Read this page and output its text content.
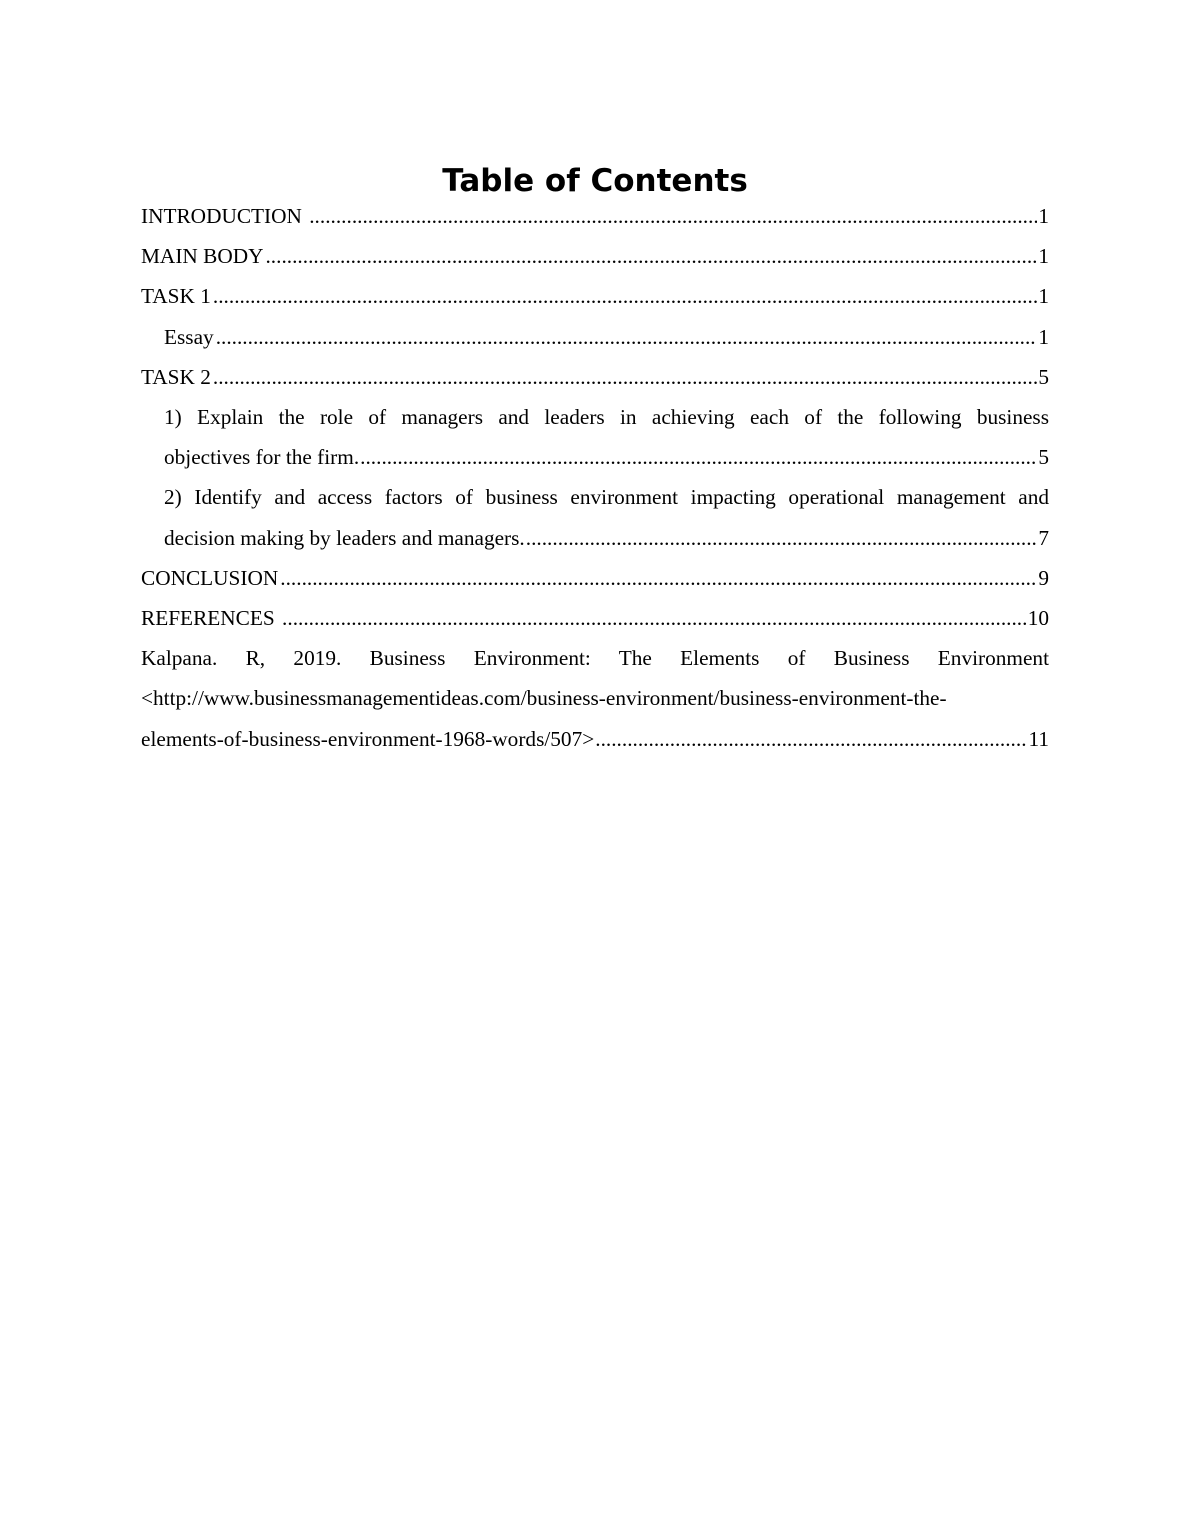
Table of Contents
1
INTRODUCTION .....
1
MAIN BODY .....
1
TASK 1 .....
1
Essay .....
5
TASK 2 .....
1) Explain the role of managers and leaders in achieving each of the following business
5
objectives for the firm. .....
2) Identify and access factors of business environment impacting operational management and
7
decision making by leaders and managers. .....
9
CONCLUSION .....
10
REFERENCES .....
Kalpana. R, 2019. Business Environment: The Elements of Business Environment
<http://www.businessmanagementideas.com/business-environment/business-environment-the-
11
elements-of-business-environment-1968-words/507> .....
